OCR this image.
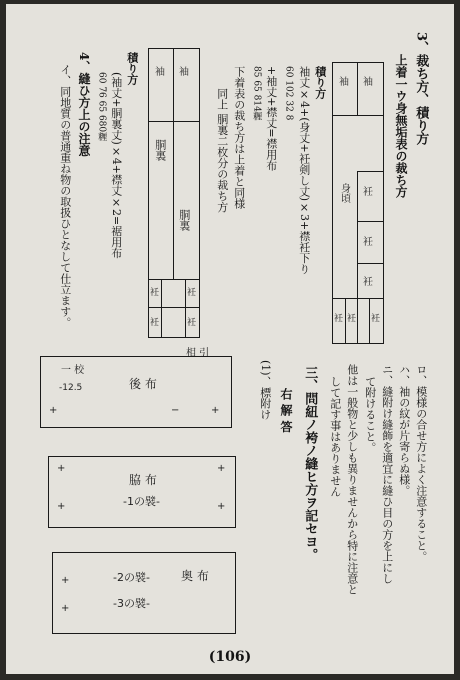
3、裁ち方、積り方
上着一ウ身無垢表の裁ち方
袖 袖
衽
衽
衽
衽 衽 衽
身頃
積り方
袖丈×4+(身丈+衽剣し丈)×3+襟衽下り
60 102 32 8
+袖丈+襟丈=襟用布
85 65 814糎
下着表の裁ち方は上着と同様
同上 胴裏二枚分の裁ち方
袖 袖
胴裏
胴裏
衽	衽
衽	衽
積り方
(袖丈+胴裏丈)×4+襟丈×2=裾用布
60 76 65 680糎
4、縫ひ方上の注意
イ、同地質の普通重ね物の取扱ひとなして仕立ます。
ロ、模様の合せ方によく注意すること。
ハ、袖の紋が片寄らぬ様。
ニ、縫附け縫飾を適宜に縫ひ目の方を上にし
て附けること。
他は一般物と少しも異りませんから特に注意と
して記す事はありません
三、問紐ノ袴ノ縫ヒ方ヲ記セヨ。
右 解 答
(1)、標附け
相 引
後 布
-12.5
一 校
+	+
−
脇 布
-1の襞-
+
+
+
+
奥 布
-2の襞-
-3の襞-
+
+
(106)
